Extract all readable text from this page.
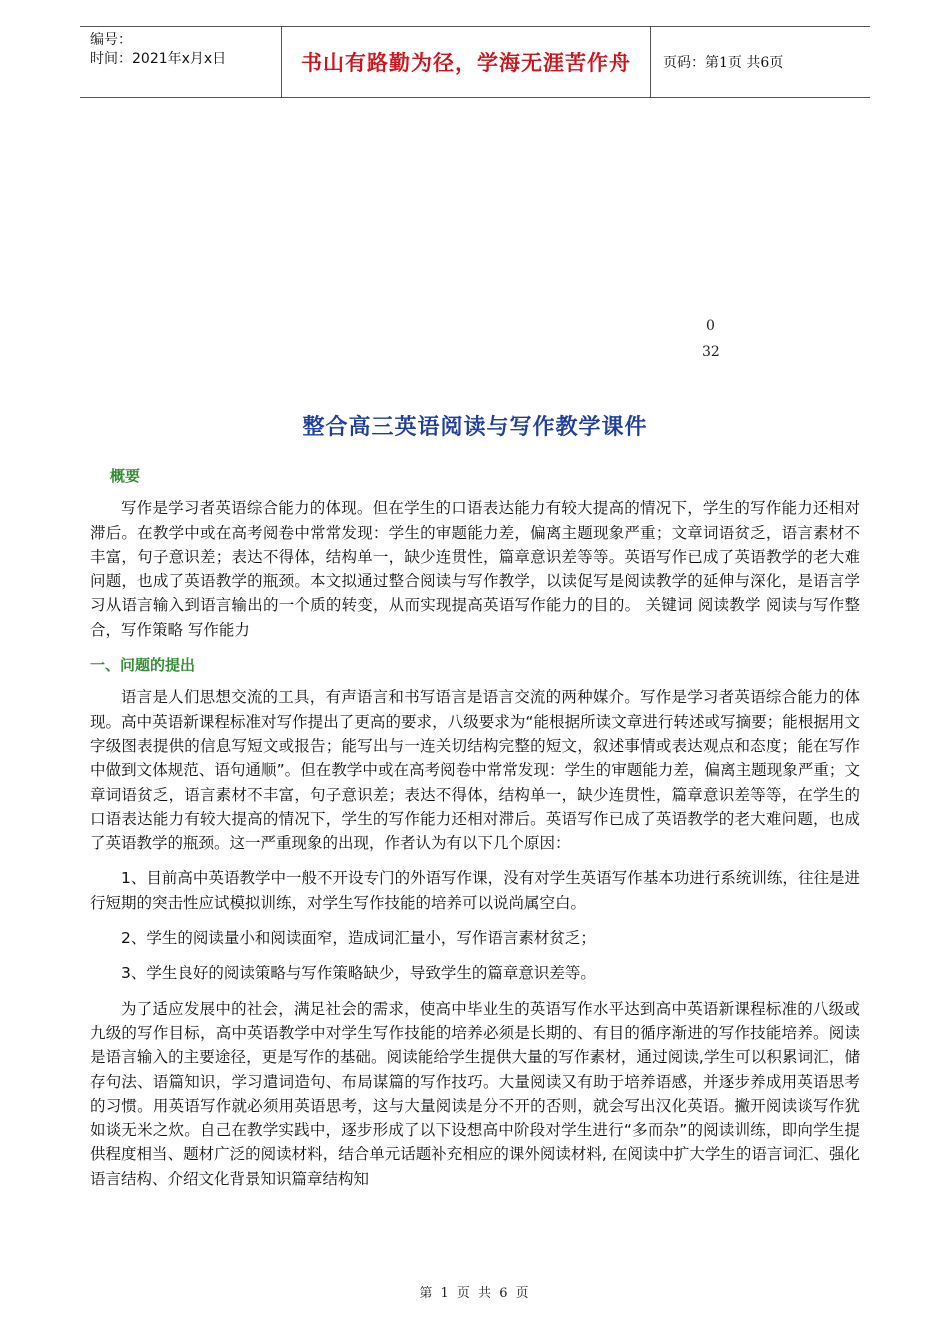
编号：
时间：2021年x月x日	书山有路勤为径，学海无涯苦作舟	页码：第1页 共6页
0
32
整合高三英语阅读与写作教学课件

概要

写作是学习者英语综合能力的体现。但在学生的口语表达能力有较大提高的情况下，学生的写作能力还相对滞后。在教学中或在高考阅卷中常常发现：学生的审题能力差，偏离主题现象严重；文章词语贫乏，语言素材不丰富，句子意识差；表达不得体，结构单一，缺少连贯性，篇章意识差等等。英语写作已成了英语教学的老大难问题，也成了英语教学的瓶颈。本文拟通过整合阅读与写作教学，以读促写是阅读教学的延伸与深化，是语言学习从语言输入到语言输出的一个质的转变，从而实现提高英语写作能力的目的。 关键词 阅读教学 阅读与写作整合，写作策略 写作能力

一、问题的提出

语言是人们思想交流的工具，有声语言和书写语言是语言交流的两种媒介。写作是学习者英语综合能力的体现。高中英语新课程标准对写作提出了更高的要求，八级要求为“能根据所读文章进行转述或写摘要；能根据用文字级图表提供的信息写短文或报告；能写出与一连关切结构完整的短文，叙述事情或表达观点和态度；能在写作中做到文体规范、语句通顺”。但在教学中或在高考阅卷中常常发现：学生的审题能力差，偏离主题现象严重；文章词语贫乏，语言素材不丰富，句子意识差；表达不得体，结构单一，缺少连贯性，篇章意识差等等，在学生的口语表达能力有较大提高的情况下，学生的写作能力还相对滞后。英语写作已成了英语教学的老大难问题，也成了英语教学的瓶颈。这一严重现象的出现，作者认为有以下几个原因：

1、目前高中英语教学中一般不开设专门的外语写作课，没有对学生英语写作基本功进行系统训练，往往是进行短期的突击性应试模拟训练，对学生写作技能的培养可以说尚属空白。

2、学生的阅读量小和阅读面窄，造成词汇量小，写作语言素材贫乏；

3、学生良好的阅读策略与写作策略缺少，导致学生的篇章意识差等。

为了适应发展中的社会，满足社会的需求，使高中毕业生的英语写作水平达到高中英语新课程标准的八级或九级的写作目标，高中英语教学中对学生写作技能的培养必须是长期的、有目的循序渐进的写作技能培养。阅读是语言输入的主要途径，更是写作的基础。阅读能给学生提供大量的写作素材，通过阅读,学生可以积累词汇，储存句法、语篇知识，学习遣词造句、布局谋篇的写作技巧。大量阅读又有助于培养语感，并逐步养成用英语思考的习惯。用英语写作就必须用英语思考，这与大量阅读是分不开的否则，就会写出汉化英语。撇开阅读谈写作犹如谈无米之炊。自己在教学实践中，逐步形成了以下设想高中阶段对学生进行“多而杂”的阅读训练，即向学生提供程度相当、题材广泛的阅读材料，结合单元话题补充相应的课外阅读材料, 在阅读中扩大学生的语言词汇、强化语言结构、介绍文化背景知识篇章结构知

第 1 页 共 6 页
